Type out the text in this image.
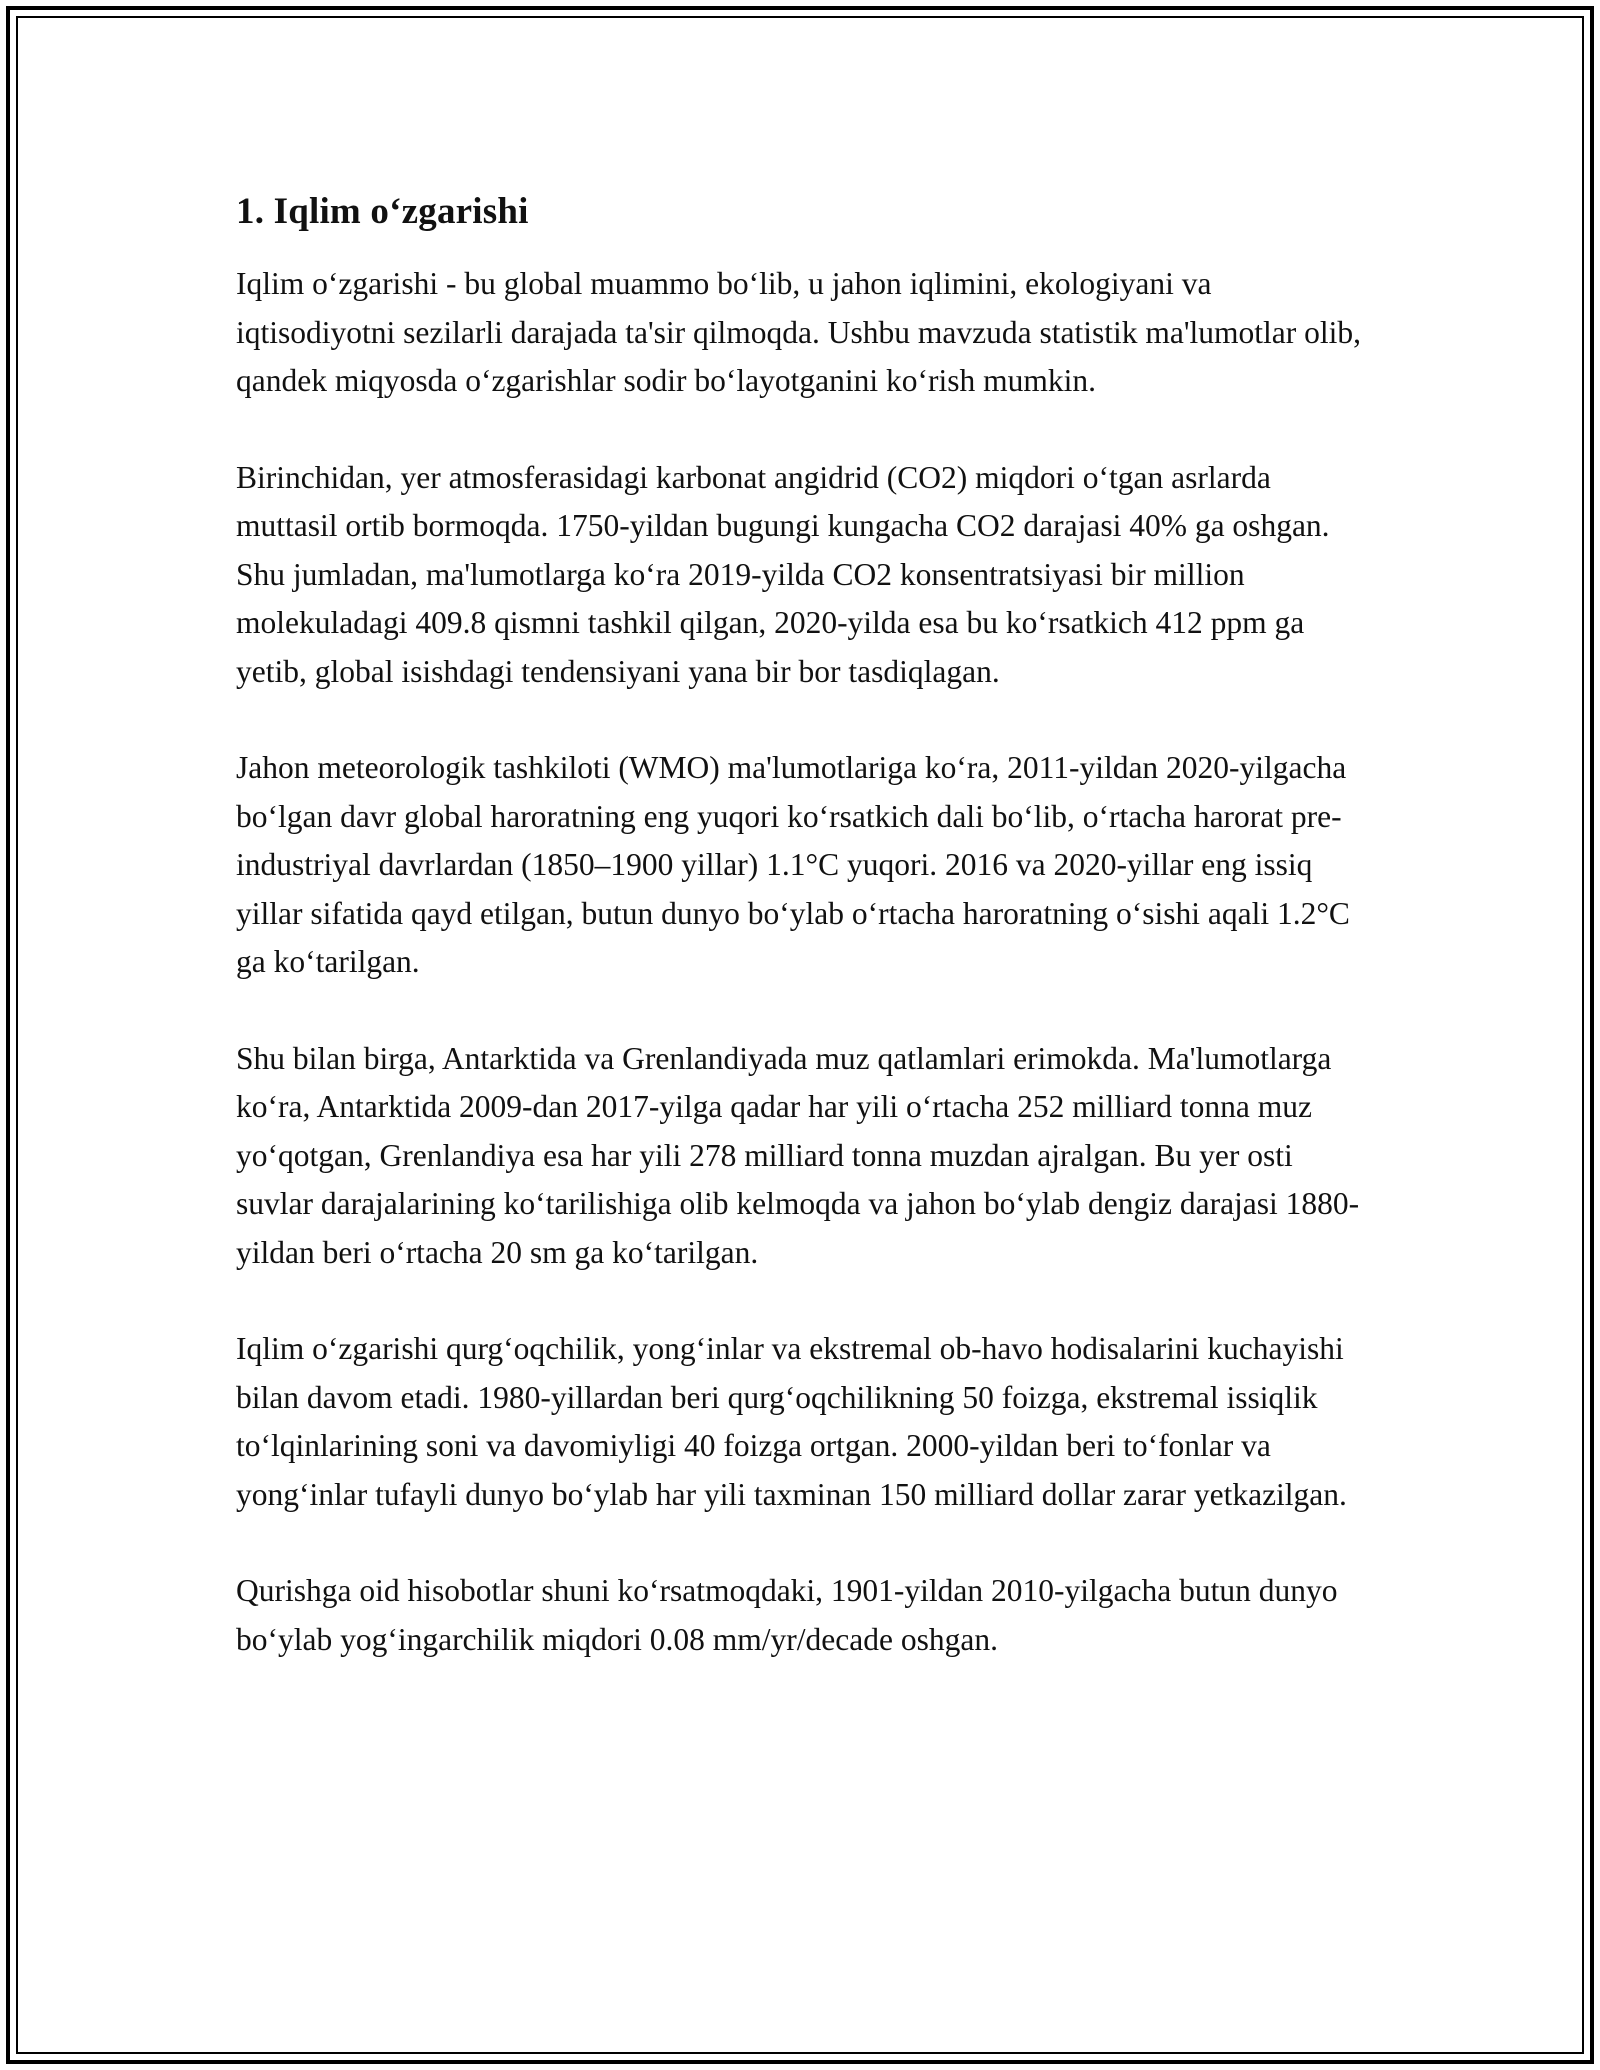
1. Iqlim oʻzgarishi

Iqlim oʻzgarishi - bu global muammo boʻlib, u jahon iqlimini, ekologiyani va iqtisodiyotni sezilarli darajada ta'sir qilmoqda. Ushbu mavzuda statistik ma'lumotlar olib, qandek miqyosda oʻzgarishlar sodir boʻlayotganini koʻrish mumkin.

Birinchidan, yer atmosferasidagi karbonat angidrid (CO2) miqdori oʻtgan asrlarda muttasil ortib bormoqda. 1750-yildan bugungi kungacha CO2 darajasi 40% ga oshgan. Shu jumladan, ma'lumotlarga koʻra 2019-yilda CO2 konsentratsiyasi bir million molekuladagi 409.8 qismni tashkil qilgan, 2020-yilda esa bu koʻrsatkich 412 ppm ga yetib, global isishdagi tendensiyani yana bir bor tasdiqlagan.

Jahon meteorologik tashkiloti (WMO) ma'lumotlariga koʻra, 2011-yildan 2020-yilgacha boʻlgan davr global haroratning eng yuqori koʻrsatkich dali boʻlib, oʻrtacha harorat pre-industriyal davrlardan (1850–1900 yillar) 1.1°C yuqori. 2016 va 2020-yillar eng issiq yillar sifatida qayd etilgan, butun dunyo boʻylab oʻrtacha haroratning oʻsishi aqali 1.2°C ga koʻtarilgan.

Shu bilan birga, Antarktida va Grenlandiyada muz qatlamlari erimokda. Ma'lumotlarga koʻra, Antarktida 2009-dan 2017-yilga qadar har yili oʻrtacha 252 milliard tonna muz yoʻqotgan, Grenlandiya esa har yili 278 milliard tonna muzdan ajralgan. Bu yer osti suvlar darajalarining koʻtarilishiga olib kelmoqda va jahon boʻylab dengiz darajasi 1880-yildan beri oʻrtacha 20 sm ga koʻtarilgan.

Iqlim oʻzgarishi qurgʻoqchilik, yongʻinlar va ekstremal ob-havo hodisalarini kuchayishi bilan davom etadi. 1980-yillardan beri qurgʻoqchilikning 50 foizga, ekstremal issiqlik toʻlqinlarining soni va davomiyligi 40 foizga ortgan. 2000-yildan beri toʻfonlar va yongʻinlar tufayli dunyo boʻylab har yili taxminan 150 milliard dollar zarar yetkazilgan.

Qurishga oid hisobotlar shuni koʻrsatmoqdaki, 1901-yildan 2010-yilgacha butun dunyo boʻylab yogʻingarchilik miqdori 0.08 mm/yr/decade oshgan.
